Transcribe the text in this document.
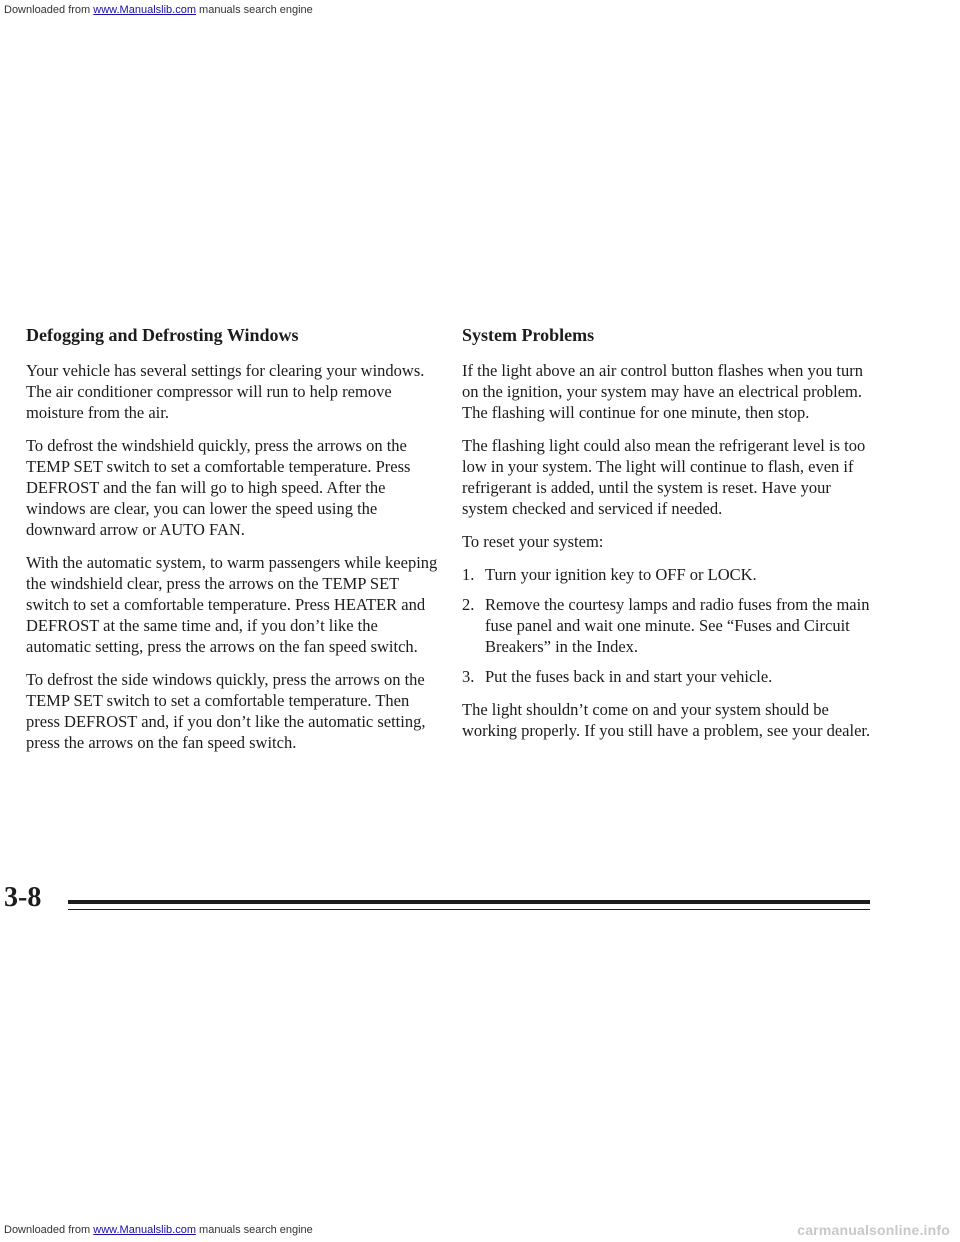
Downloaded from www.Manualslib.com manuals search engine
Defogging and Defrosting Windows

Your vehicle has several settings for clearing your windows. The air conditioner compressor will run to help remove moisture from the air.

To defrost the windshield quickly, press the arrows on the TEMP SET switch to set a comfortable temperature. Press DEFROST and the fan will go to high speed. After the windows are clear, you can lower the speed using the downward arrow or AUTO FAN.

With the automatic system, to warm passengers while keeping the windshield clear, press the arrows on the TEMP SET switch to set a comfortable temperature. Press HEATER and DEFROST at the same time and, if you don’t like the automatic setting, press the arrows on the fan speed switch.

To defrost the side windows quickly, press the arrows on the TEMP SET switch to set a comfortable temperature. Then press DEFROST and, if you don’t like the automatic setting, press the arrows on the fan speed switch.

System Problems

If the light above an air control button flashes when you turn on the ignition, your system may have an electrical problem. The flashing will continue for one minute, then stop.

The flashing light could also mean the refrigerant level is too low in your system. The light will continue to flash, even if refrigerant is added, until the system is reset. Have your system checked and serviced if needed.

To reset your system:

1. Turn your ignition key to OFF or LOCK.
2. Remove the courtesy lamps and radio fuses from the main fuse panel and wait one minute. See “Fuses and Circuit Breakers” in the Index.
3. Put the fuses back in and start your vehicle.

The light shouldn’t come on and your system should be working properly. If you still have a problem, see your dealer.

3-8
Downloaded from www.Manualslib.com manuals search engine	carmanualsonline.info
